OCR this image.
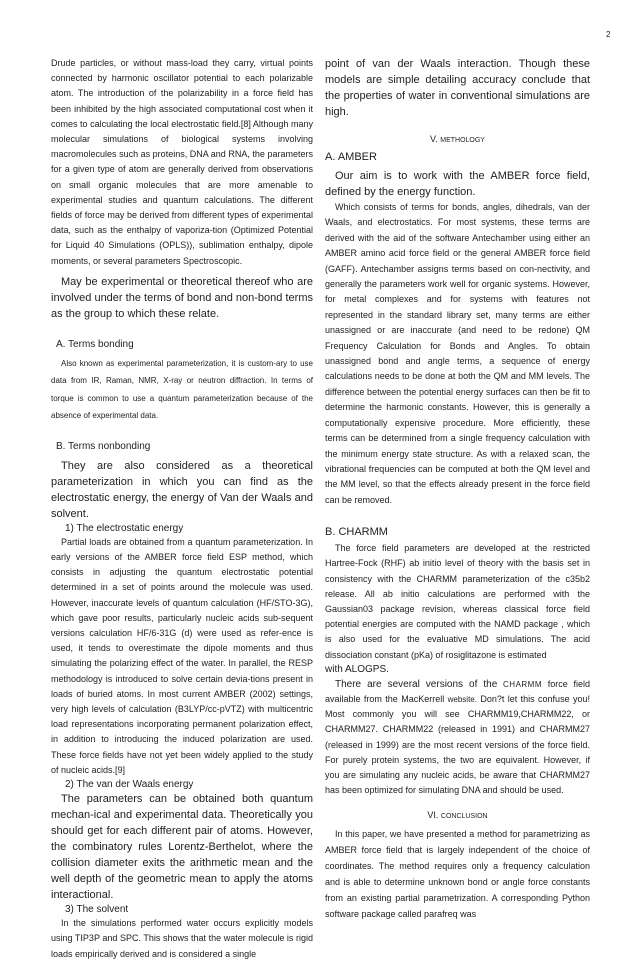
2

Drude particles, or without mass-load they carry, virtual points connected by harmonic oscillator potential to each polarizable atom. The introduction of the polarizability in a force field has been inhibited by the high associated computational cost when it comes to calculating the local electrostatic field.[8] Although many molecular simulations of biological systems involving macromolecules such as proteins, DNA and RNA, the parameters for a given type of atom are generally derived from observations on small organic molecules that are more amenable to experimental studies and quantum calculations. The different fields of force may be derived from different types of experimental data, such as the enthalpy of vaporiza-tion (Optimized Potential for Liquid 40 Simulations (OPLS)), sublimation enthalpy, dipole moments, or several parameters Spectroscopic.

May be experimental or theoretical thereof who are involved under the terms of bond and non-bond terms as the group to which these relate.

A. Terms bonding

Also known as experimental parameterization, it is custom-ary to use data from IR, Raman, NMR, X-ray or neutron diffraction. In terms of torque is common to use a quantum parameterization because of the absence of experimental data.

B. Terms nonbonding

They are also considered as a theoretical parameterization in which you can find as the electrostatic energy, the energy of Van der Waals and solvent.

1) The electrostatic energy

Partial loads are obtained from a quantum parameterization. In early versions of the AMBER force field ESP method, which consists in adjusting the quantum electrostatic potential determined in a set of points around the molecule was used. However, inaccurate levels of quantum calculation (HF/STO-3G), which gave poor results, particularly nucleic acids sub-sequent versions calculation HF/6-31G (d) were used as refer-ence is used, it tends to overestimate the dipole moments and thus simulating the polarizing effect of the water. In parallel, the RESP methodology is introduced to solve certain devia-tions present in loads of buried atoms. In most current AMBER (2002) settings, very high levels of calculation (B3LYP/cc-pVTZ) with multicentric load representations incorporating permanent polarization effect, in addition to introducing the induced polarization are used. These force fields have not yet been widely applied to the study of nucleic acids.[9]

2) The van der Waals energy

The parameters can be obtained both quantum mechan-ical and experimental data. Theoretically you should get for each different pair of atoms. However, the combinatory rules Lorentz-Berthelot, where the collision diameter exits the arithmetic mean and the well depth of the geometric mean to apply the atoms interactional.

3) The solvent

In the simulations performed water occurs explicitly models using TIP3P and SPC. This shows that the water molecule is rigid loads empirically derived and is considered a single

point of van der Waals interaction. Though these models are simple detailing accuracy conclude that the properties of water in conventional simulations are high.

V. METHOLOGY

A. AMBER

Our aim is to work with the AMBER force field, defined by the energy function.

Which consists of terms for bonds, angles, dihedrals, van der Waals, and electrostatics. For most systems, these terms are derived with the aid of the software Antechamber using either an AMBER amino acid force field or the general AMBER force field (GAFF). Antechamber assigns terms based on con-nectivity, and generally the parameters work well for organic systems. However, for metal complexes and for systems with features not represented in the standard library set, many terms are either unassigned or are inaccurate (and need to be redone) QM Frequency Calculation for Bonds and Angles. To obtain unassigned bond and angle terms, a sequence of energy calculations needs to be done at both the QM and MM levels. The difference between the potential energy surfaces can then be fit to determine the harmonic constants. However, this is generally a computationally expensive procedure. More efficiently, these terms can be determined from a single frequency calculation with the minimum energy state structure. As with a relaxed scan, the vibrational frequencies can be computed at both the QM level and the MM level, so that the effects already present in the force field can be removed.

B. CHARMM

The force field parameters are developed at the restricted Hartree-Fock (RHF) ab initio level of theory with the basis set in consistency with the CHARMM parameterization of the c35b2 release. All ab initio calculations are performed with the Gaussian03 package revision, whereas classical force field potential energies are computed with the NAMD package , which is also used for the evaluative MD simulations. The acid dissociation constant (pKa) of rosiglitazone is estimated

with ALOGPS.

There are several versions of the CHARMM force field available from the MacKerrell website. Don?t let this confuse you! Most commonly you will see CHARMM19,CHARMM22, or CHARMM27. CHARMM22 (released in 1991) and CHARMM27 (released in 1999) are the most recent versions of the force field. For purely protein systems, the two are equivalent. However, if you are simulating any nucleic acids, be aware that CHARMM27 has been optimized for simulating DNA and should be used.

VI. CONCLUSION

In this paper, we have presented a method for parametrizing as AMBER force field that is largely independent of the choice of coordinates. The method requires only a frequency calculation and is able to determine unknown bond or angle force constants from an existing partial parametrization. A corresponding Python software package called parafreq was
